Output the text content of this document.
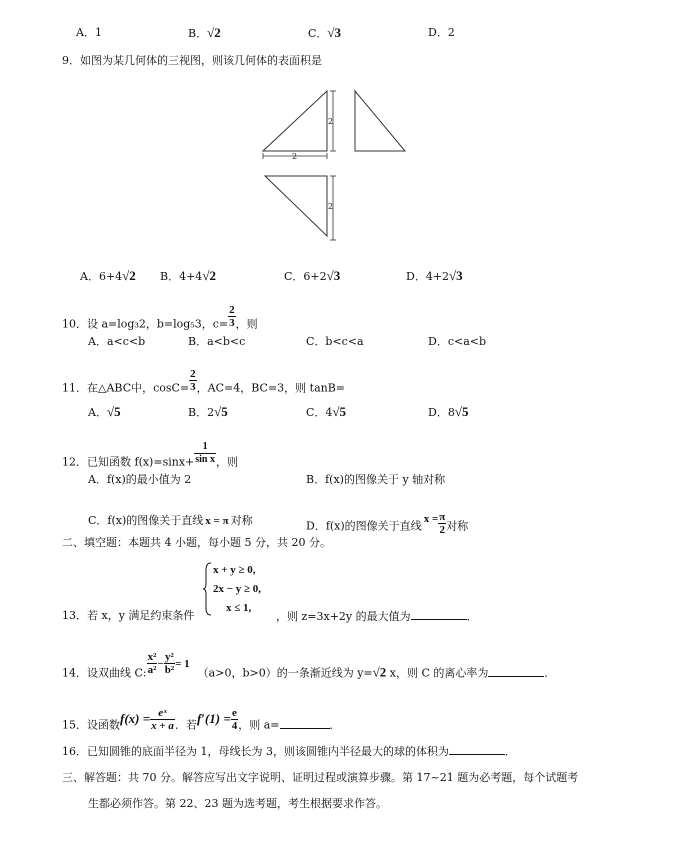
A．1	B．√2	C．√3	D．2
9．如图为某几何体的三视图，则该几何体的表面积是
2
2
2
A．6+4√2 B．4+4√2	C．6+2√3	D．4+2√3
10．设 a=log₃2，b=log₅3，$c= \frac{2}{3}$ ，则
A．a<c<b	B．a<b<c	C．b<c<a	D．c<a<b
11．在△ABC中，$\cos C= \frac{2}{3}$ ，AC=4，BC=3，则 tanB=
A．√5	B．2√5	C．4√5	D．8√5
12．已知函数 $f(x)=\sin x+ \frac{1}{\text{sin x}}$ ，则
A．f(x)的最小值为 2	B．f(x)的图像关于 y 轴对称
C．f(x)的图像关于直线 x = π 对称	D．f(x)的图像关于直线$x = \frac{\pi}{2}$ 对称
二、填空题：本题共 4 小题，每小题 5 分，共 20 分。
13．若 x，y 满足约束条件
x + y ≥ 0,
2x − y ≥ 0,
x ≤ 1,
，则 z=3x+2y 的最大值为	．
14．设双曲线 C: $\frac{\text{x²}}{\text{a²}} - \frac{\text{y²}}{\text{b²}} = 1(a>0$，b>0）的一条渐近线为 y=√2 x，则 C 的离心率为	．
15．设函数$f(x) = \frac{\text{eˣ}}{x + a}$ ．若$f'(1) = \frac{e}{4}$ ，则 a=	．
16．已知圆锥的底面半径为 1，母线长为 3，则该圆锥内半径最大的球的体积为	．
三、解答题：共 70 分。解答应写出文字说明、证明过程或演算步骤。第 17~21 题为必考题，每个试题考
生都必须作答。第 22、23 题为选考题，考生根据要求作答。
